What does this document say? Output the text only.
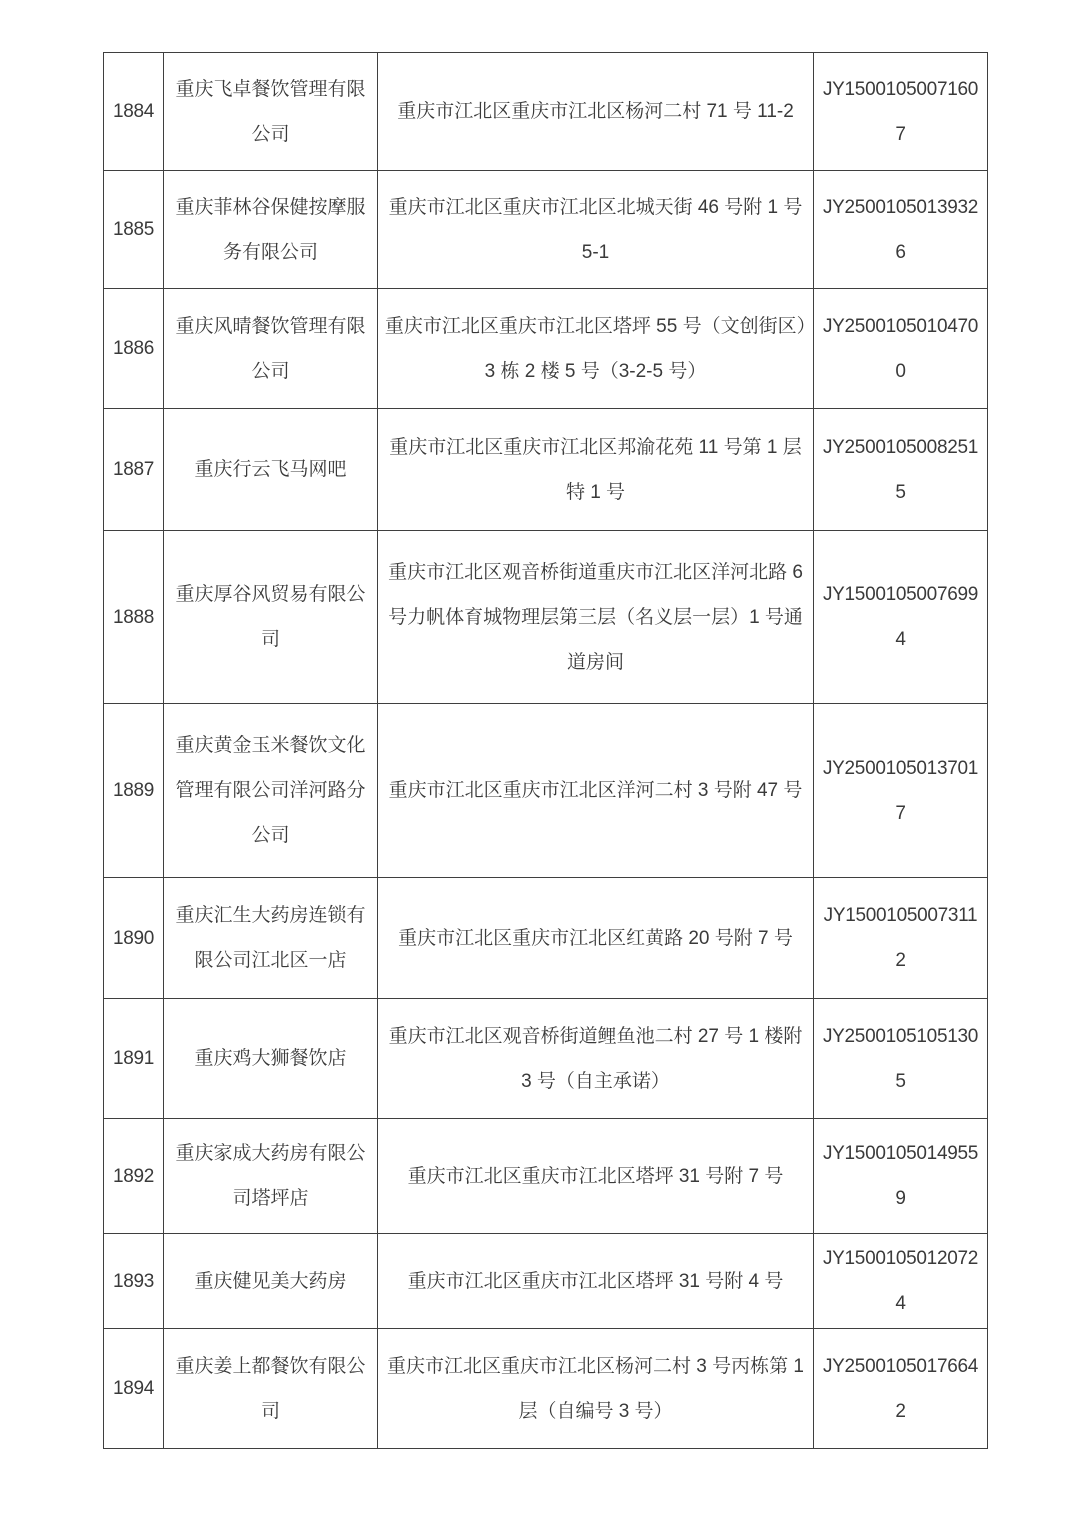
1884	重庆飞卓餐饮管理有限公司	重庆市江北区重庆市江北区杨河二村 71 号 11-2	JY15001050071607
1885	重庆菲林谷保健按摩服务有限公司	重庆市江北区重庆市江北区北城天街 46 号附 1 号 5-1	JY25001050139326
1886	重庆风晴餐饮管理有限公司	重庆市江北区重庆市江北区塔坪 55 号（文创街区）3 栋 2 楼 5 号（3-2-5 号）	JY25001050104700
1887	重庆行云飞马网吧	重庆市江北区重庆市江北区邦渝花苑 11 号第 1 层特 1 号	JY25001050082515
1888	重庆厚谷风贸易有限公司	重庆市江北区观音桥街道重庆市江北区洋河北路 6 号力帆体育城物理层第三层（名义层一层）1 号通道房间	JY15001050076994
1889	重庆黄金玉米餐饮文化管理有限公司洋河路分公司	重庆市江北区重庆市江北区洋河二村 3 号附 47 号	JY25001050137017
1890	重庆汇生大药房连锁有限公司江北区一店	重庆市江北区重庆市江北区红黄路 20 号附 7 号	JY15001050073112
1891	重庆鸡大狮餐饮店	重庆市江北区观音桥街道鲤鱼池二村 27 号 1 楼附 3 号（自主承诺）	JY25001051051305
1892	重庆家成大药房有限公司塔坪店	重庆市江北区重庆市江北区塔坪 31 号附 7 号	JY15001050149559
1893	重庆健见美大药房	重庆市江北区重庆市江北区塔坪 31 号附 4 号	JY15001050120724
1894	重庆姜上都餐饮有限公司	重庆市江北区重庆市江北区杨河二村 3 号丙栋第 1 层（自编号 3 号）	JY25001050176642
